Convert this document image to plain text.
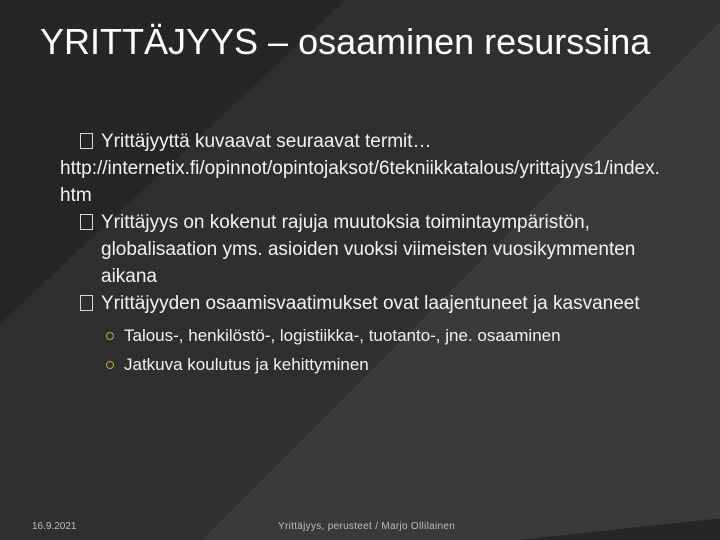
YRITTÄJYYS – osaaminen resurssina
Yrittäjyyttä kuvaavat seuraavat termit…

http://internetix.fi/opinnot/opintojaksot/6tekniikkatalous/yrittajyys1/index.htm

Yrittäjyys on kokenut rajuja muutoksia toimintaympäristön, globalisaation yms. asioiden vuoksi viimeisten vuosikymmenten aikana
Yrittäjyyden osaamisvaatimukset ovat laajentuneet ja kasvaneet
Talous-, henkilöstö-, logistiikka-, tuotanto-, jne. osaaminen
Jatkuva koulutus ja kehittyminen
16.9.2021	Yrittäjyys, perusteet / Marjo Ollilainen
